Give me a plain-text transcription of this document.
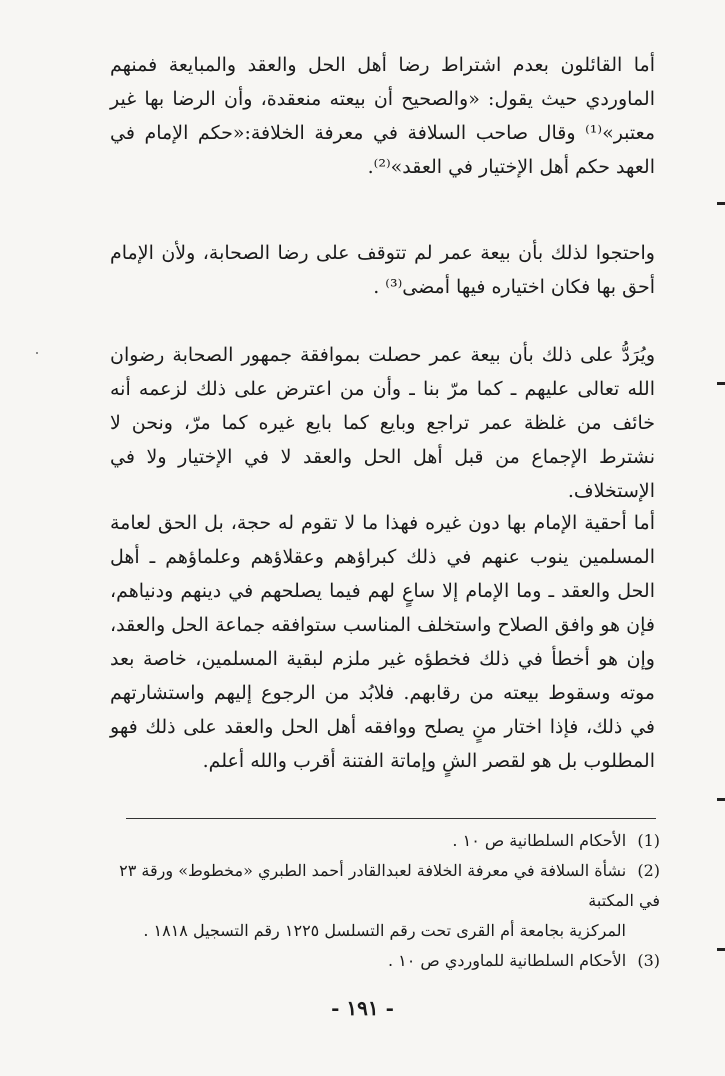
أما القائلون بعدم اشتراط رضا أهل الحل والعقد والمبايعة فمنهم الماوردي حيث يقول: «والصحيح أن بيعته منعقدة، وأن الرضا بها غير معتبر»⁽¹⁾ وقال صاحب السلافة في معرفة الخلافة:«حكم الإمام في العهد حكم أهل الإختيار في العقد»⁽²⁾.

واحتجوا لذلك بأن بيعة عمر لم تتوقف على رضا الصحابة، ولأن الإمام أحق بها فكان اختياره فيها أمضى⁽³⁾ .

ويُرَدُّ على ذلك بأن بيعة عمر حصلت بموافقة جمهور الصحابة رضوان الله تعالى عليهم ـ كما مرّ بنا ـ وأن من اعترض على ذلك لزعمه أنه خائف من غلظة عمر تراجع وبايع كما بايع غيره كما مرّ، ونحن لا نشترط الإجماع من قبل أهل الحل والعقد لا في الإختيار ولا في الإستخلاف.

أما أحقية الإمام بها دون غيره فهذا ما لا تقوم له حجة، بل الحق لعامة المسلمين ينوب عنهم في ذلك كبراؤهم وعقلاؤهم وعلماؤهم ـ أهل الحل والعقد ـ وما الإمام إلا ساعٍ لهم فيما يصلحهم في دينهم ودنياهم، فإن هو وافق الصلاح واستخلف المناسب ستوافقه جماعة الحل والعقد، وإن هو أخطأ في ذلك فخطؤه غير ملزم لبقية المسلمين، خاصة بعد موته وسقوط بيعته من رقابهم. فلابُد من الرجوع إليهم واستشارتهم في ذلك، فإذا اختار منٍ يصلح ووافقه أهل الحل والعقد على ذلك فهو المطلوب بل هو لقصر الشٍ وإماتة الفتنة أقرب والله أعلم.

(1) الأحكام السلطانية ص ١٠ .

(2) نشأة السلافة في معرفة الخلافة لعبدالقادر أحمد الطبري «مخطوط» ورقة ٢٣ في المكتبة

المركزية بجامعة أم القرى تحت رقم التسلسل ١٢٢٥ رقم التسجيل ١٨١٨ .

(3) الأحكام السلطانية للماوردي ص ١٠ .

- ١٩١ -
